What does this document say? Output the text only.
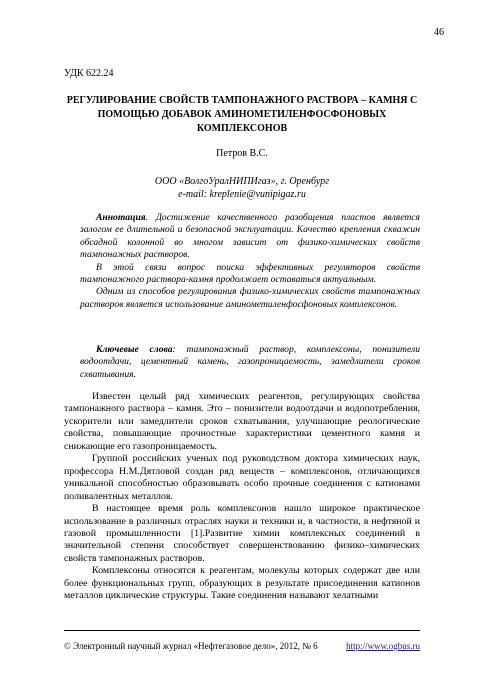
46
УДК 622.24
РЕГУЛИРОВАНИЕ СВОЙСТВ ТАМПОНАЖНОГО РАСТВОРА – КАМНЯ С ПОМОЩЬЮ ДОБАВОК АМИНОМЕТИЛЕНФОСФОНОВЫХ КОМПЛЕКСОНОВ
Петров В.С.
ООО «ВолгоУралНИПИгаз», г. Оренбург
e-mail: kreplenie@vunipigaz.ru

Аннотация. Достижение качественного разобщения пластов является залогом ее длительной и безопасной эксплуатации. Качество крепления скважин обсадной колонной во многом зависит от физико-химических свойств тампонажных растворов.

В этой связи вопрос поиска эффективных регуляторов свойств тампонажного раствора-камня продолжает оставаться актуальным.

Одним из способов регулирования физико-химических свойств тампонажных растворов является использование аминометиленфосфоновых комплексонов.

Ключевые слова: тампонажный раствор, комплексоны, понизители водоотдачи, цементный камень, газопроницаемость, замедлители сроков схватывания.

Известен целый ряд химических реагентов, регулирующих свойства тампонажного раствора – камня. Это – понизители водоотдачи и водопотребления, ускорители или замедлители сроков схватывания, улучшающие реологические свойства, повышающие прочностные характеристики цементного камня и снижающие его газопроницаемость.

Группой российских ученых под руководством доктора химических наук, профессора Н.М.Дятловой создан ряд веществ – комплексонов, отличающихся уникальной способностью образовывать особо прочные соединения с катионами поливалентных металлов.

В настоящее время роль комплексонов нашло широкое практическое использование в различных отраслях науки и техники и, в частности, в нефтяной и газовой промышленности [1].Развитие химии комплексных соединений в значительной степени способствует совершенствованию физико–химических свойств тампонажных растворов.

Комплексоны относятся к реагентам, молекулы которых содержат две или более функциональных групп, образующих в результате присоединения катионов металлов циклические структуры. Такие соединения называют хелатными

© Электронный научный журнал «Нефтегазовое дело», 2012, № 6	http://www.ogbus.ru
